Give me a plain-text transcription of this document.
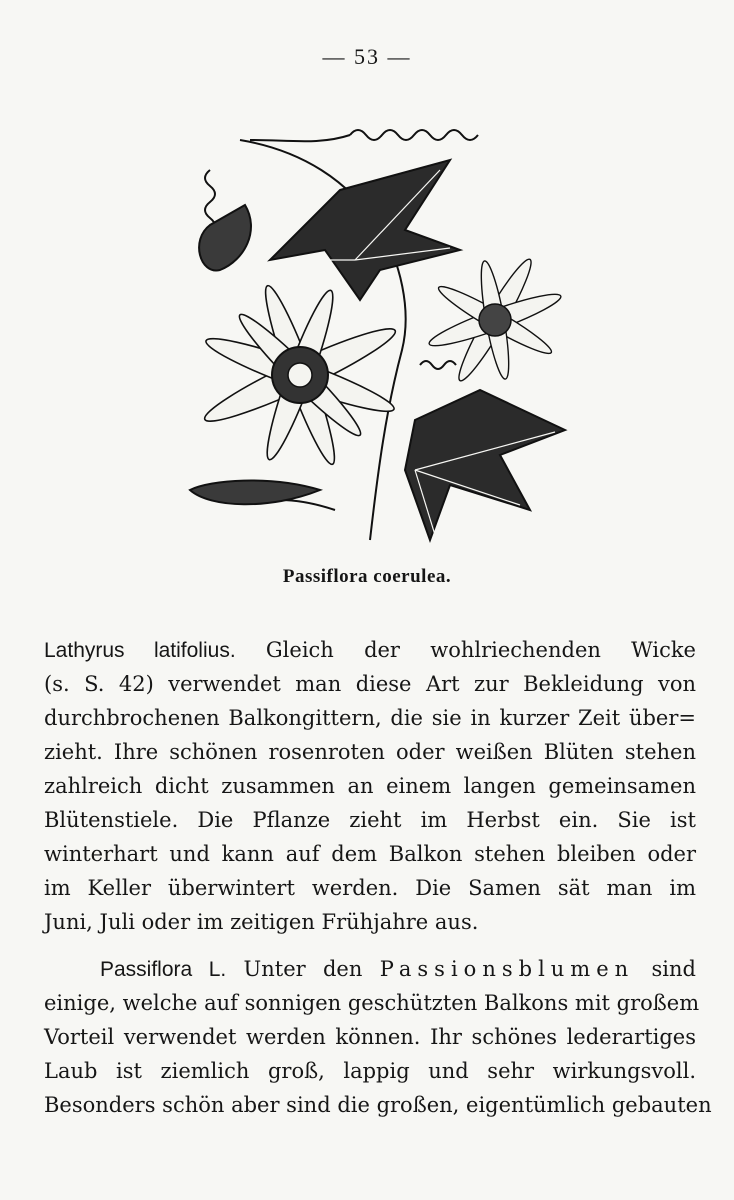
— 53 —
Passiflora coerulea.
Lathyrus latifolius. Gleich der wohlriechenden Wicke
(s. S. 42) verwendet man diese Art zur Bekleidung von
durchbrochenen Balkongittern, die sie in kurzer Zeit über=
zieht. Ihre schönen rosenroten oder weißen Blüten stehen
zahlreich dicht zusammen an einem langen gemeinsamen
Blütenstiele. Die Pflanze zieht im Herbst ein. Sie ist
winterhart und kann auf dem Balkon stehen bleiben oder
im Keller überwintert werden. Die Samen sät man im
Juni, Juli oder im zeitigen Frühjahre aus.
Passiflora L. Unter den Passionsblumen sind
einige, welche auf sonnigen geschützten Balkons mit großem
Vorteil verwendet werden können. Ihr schönes lederartiges
Laub ist ziemlich groß, lappig und sehr wirkungsvoll.
Besonders schön aber sind die großen, eigentümlich gebauten
